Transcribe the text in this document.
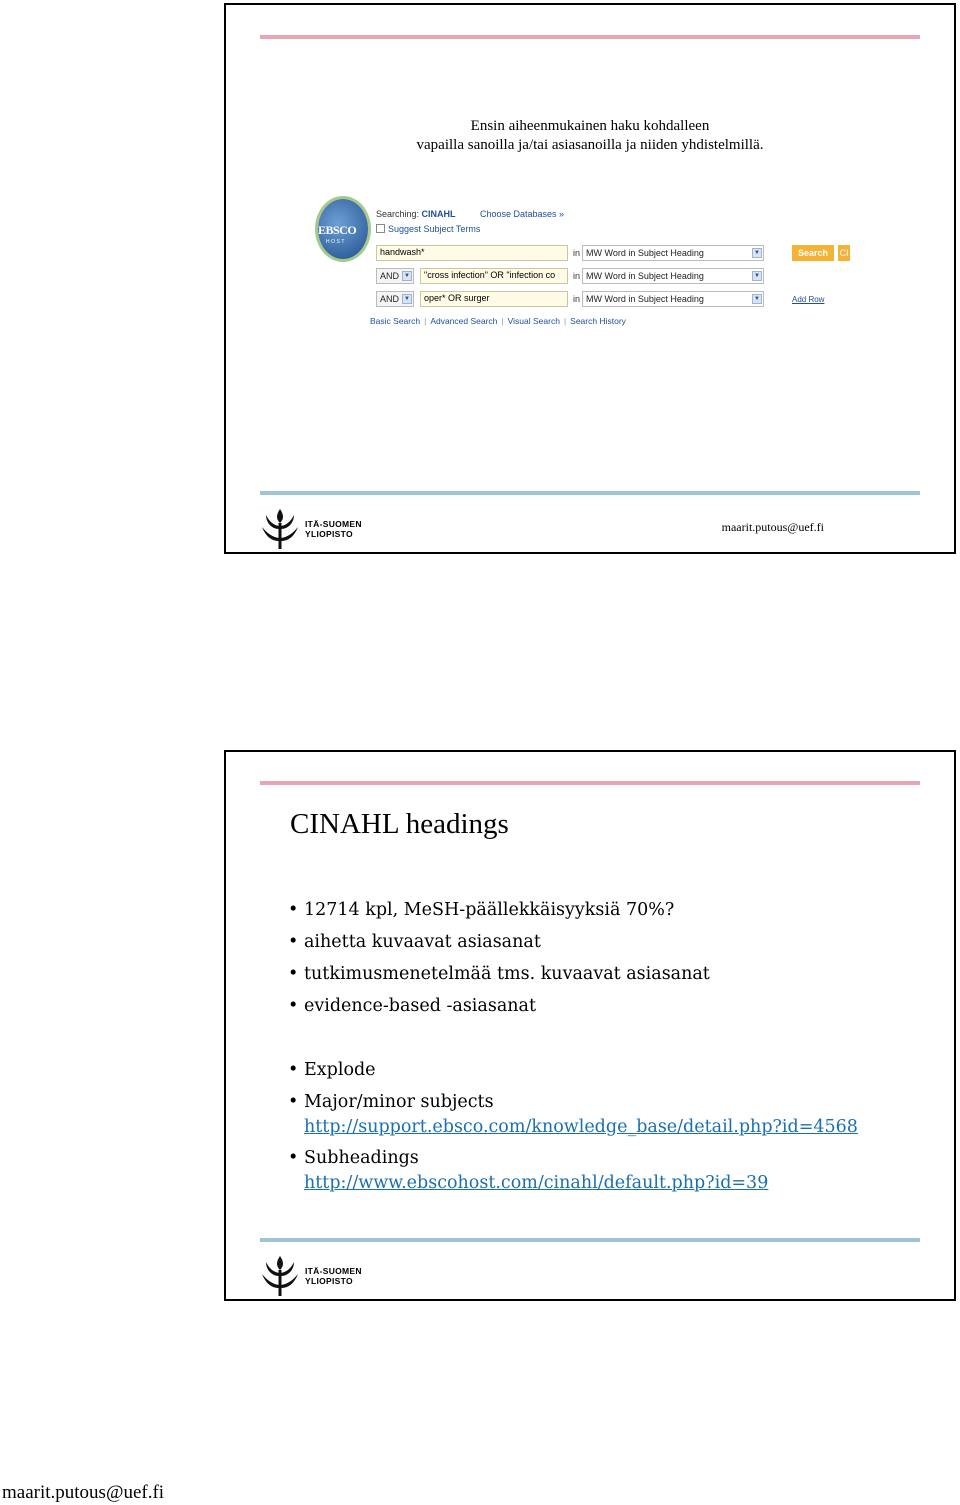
Ensin aiheenmukainen haku kohdalleen
vapailla sanoilla ja/tai asiasanoilla ja niiden yhdistelmillä.
EBSCO
HOST
Searching: CINAHL	Choose Databases »
Suggest Subject Terms
handwash*	in MW Word in Subject Heading	▼	Search	Cl
AND ▼	"cross infection" OR "infection co	in MW Word in Subject Heading	▼
AND ▼	oper* OR surger	in MW Word in Subject Heading	▼	Add Row
Basic Search | Advanced Search | Visual Search | Search History
ITÄ-SUOMEN
YLIOPISTO	maarit.putous@uef.fi
CINAHL headings
• 12714 kpl, MeSH-päällekkäisyyksiä 70%?
• aihetta kuvaavat asiasanat
• tutkimusmenetelmää tms. kuvaavat asiasanat
• evidence-based -asiasanat
• Explode
• Major/minor subjects
http://support.ebsco.com/knowledge_base/detail.php?id=4568
• Subheadings
http://www.ebscohost.com/cinahl/default.php?id=39
ITÄ-SUOMEN
YLIOPISTO
maarit.putous@uef.fi
